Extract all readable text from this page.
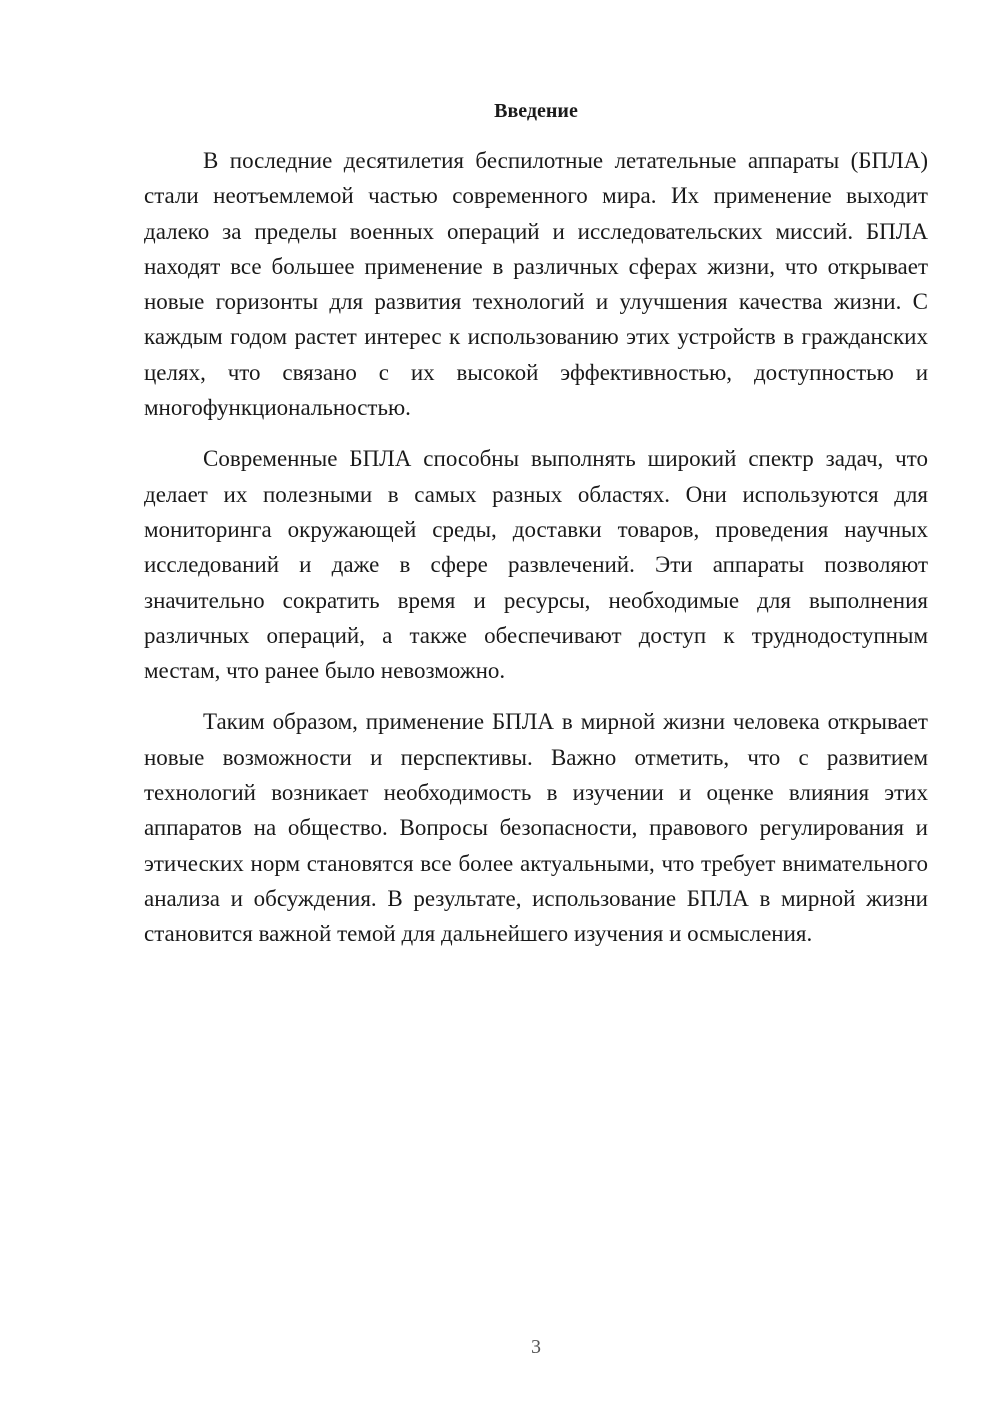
Введение

В последние десятилетия беспилотные летательные аппараты (БПЛА) стали неотъемлемой частью современного мира. Их применение выходит далеко за пределы военных операций и исследовательских миссий. БПЛА находят все большее применение в различных сферах жизни, что открывает новые горизонты для развития технологий и улучшения качества жизни. С каждым годом растет интерес к использованию этих устройств в гражданских целях, что связано с их высокой эффективностью, доступностью и многофункциональностью.

Современные БПЛА способны выполнять широкий спектр задач, что делает их полезными в самых разных областях. Они используются для мониторинга окружающей среды, доставки товаров, проведения научных исследований и даже в сфере развлечений. Эти аппараты позволяют значительно сократить время и ресурсы, необходимые для выполнения различных операций, а также обеспечивают доступ к труднодоступным местам, что ранее было невозможно.

Таким образом, применение БПЛА в мирной жизни человека открывает новые возможности и перспективы. Важно отметить, что с развитием технологий возникает необходимость в изучении и оценке влияния этих аппаратов на общество. Вопросы безопасности, правового регулирования и этических норм становятся все более актуальными, что требует внимательного анализа и обсуждения. В результате, использование БПЛА в мирной жизни становится важной темой для дальнейшего изучения и осмысления.

3
